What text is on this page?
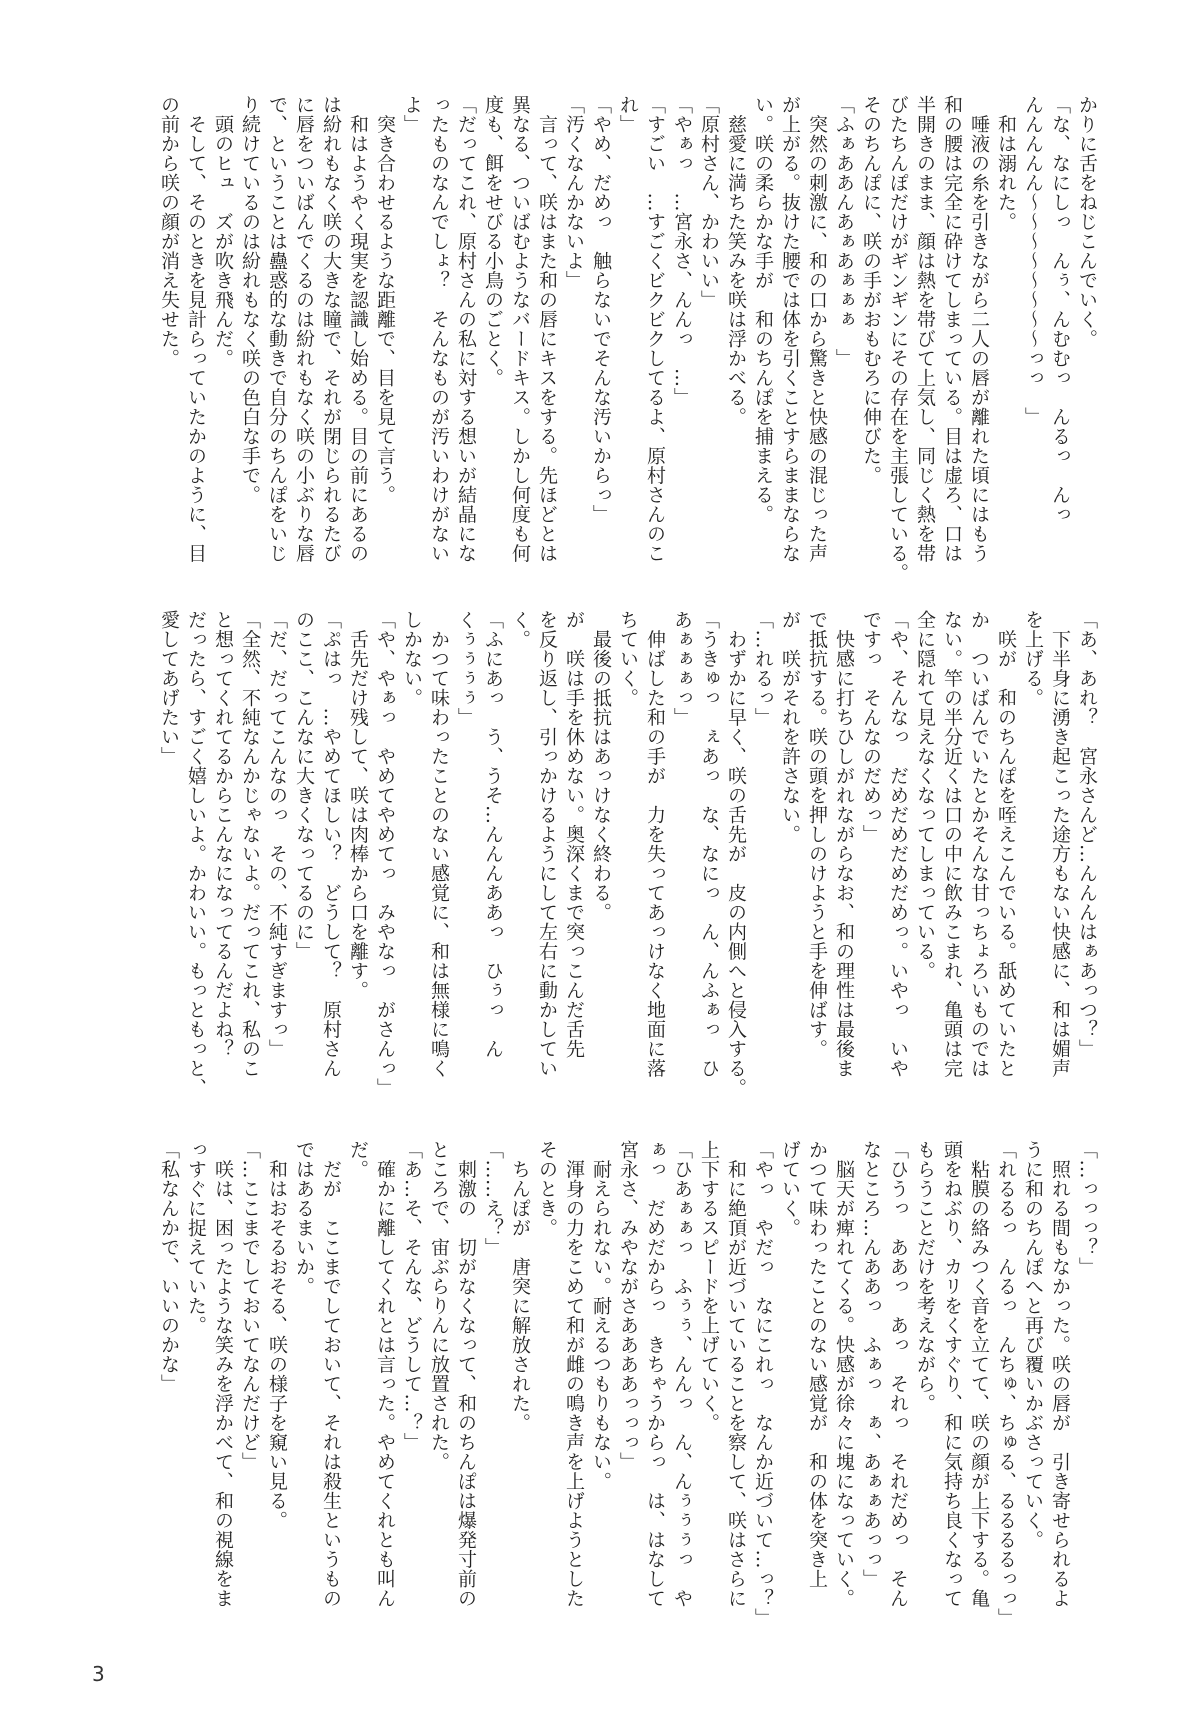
かりに舌をねじこんでいく。

「な、なにしっ　んぅ、んむむっ　んるっ　んっ

んんんんん～～～～～～～～っっ　」

　和は溺れた。

　唾液の糸を引きながら二人の唇が離れた頃にはもう

和の腰は完全に砕けてしまっている。目は虚ろ、口は

半開きのまま、顔は熱を帯びて上気し、同じく熱を帯

びたちんぽだけがギンギンにその存在を主張している。

そのちんぽに、咲の手がおもむろに伸びた。

「ふぁああんあぁあぁぁぁ　」

　突然の刺激に、和の口から驚きと快感の混じった声

が上がる。抜けた腰では体を引くことすらままならな

い。咲の柔らかな手が　和のちんぽを捕まえる。

　慈愛に満ちた笑みを咲は浮かべる。

「原村さん、かわいい」

「やぁっ　…宮永さ、んんっ　…」

「すごい　…すごくビクビクしてるよ、原村さんのこ

れ」

「やめ、だめっ　触らないでそんな汚いからっ」

「汚くなんかないよ」

　言って、咲はまた和の唇にキスをする。先ほどとは

異なる、ついばむようなバードキス。しかし何度も何

度も、餌をせびる小鳥のごとく。

「だってこれ、原村さんの私に対する想いが結晶にな

ったものなんでしょ？　そんなものが汚いわけがない

よ」

　突き合わせるような距離で、目を見て言う。

　和はようやく現実を認識し始める。目の前にあるの

は紛れもなく咲の大きな瞳で、それが閉じられるたび

に唇をついばんでくるのは紛れもなく咲の小ぶりな唇

で、ということは蠱惑的な動きで自分のちんぽをいじ

り続けているのは紛れもなく咲の色白な手で。

　頭のヒュ　ズが吹き飛んだ。

　そして、そのときを見計らっていたかのように、目

の前から咲の顔が消え失せた。

「あ、あれ？　宮永さんど…んんんはぁあっつ？」

　下半身に湧き起こった途方もない快感に、和は媚声

を上げる。

　咲が　和のちんぽを咥えこんでいる。舐めていたと

か　ついばんでいたとかそんな甘っちょろいものでは

ない。竿の半分近くは口の中に飲みこまれ、亀頭は完

全に隠れて見えなくなってしまっている。

「や、そんなっ　だめだめだめだめっ。いやっ　いや

ですっ　そんなのだめっ」

　快感に打ちひしがれながらなお、和の理性は最後ま

で抵抗する。咲の頭を押しのけようと手を伸ばす。

が　咲がそれを許さない。

「…れるっ」

　わずかに早く、咲の舌先が　皮の内側へと侵入する。

「うきゅっ　ぇあっ　な、なにっ　ん、んふぁっ　ひ

あぁぁぁっ」

　伸ばした和の手が　力を失ってあっけなく地面に落

ちていく。

　最後の抵抗はあっけなく終わる。

が　咲は手を休めない。奥深くまで突っこんだ舌先

を反り返し、引っかけるようにして左右に動かしてい

く。

「ふにあっ　う、うそ…んんんああっ　ひぅっ　ん

くぅぅぅぅ」

　かつて味わったことのない感覚に、和は無様に鳴く

しかない。

「や、やぁっ　やめてやめてっ　みやなっ　がさんっ」

　舌先だけ残して、咲は肉棒から口を離す。

「ぷはっ　…やめてほしい？　どうして？　原村さん

のここ、こんなに大きくなってるのに」

「だ、だってこんなのっ　その、不純すぎますっ」

「全然、不純なんかじゃないよ。だってこれ、私のこ

と想ってくれてるからこんなになってるんだよね？

だったら、すごく嬉しいよ。かわいい。もっともっと、

愛してあげたい」

「…っっっ？」

　照れる間もなかった。咲の唇が　引き寄せられるよ

うに和のちんぽへと再び覆いかぶさっていく。

「れるるっ　んるっ　んちゅ、ちゅる、るるるるっっ」

　粘膜の絡みつく音を立てて、咲の顔が上下する。亀

頭をねぶり、カリをくすぐり、和に気持ち良くなって

もらうことだけを考えながら。

「ひうっ　ああっ　あっ　それっ　それだめっ　そん

なところ…んああっ　ふぁっ　ぁ、あぁぁあっっ」

　脳天が痺れてくる。快感が徐々に塊になっていく。

かつて味わったことのない感覚が　和の体を突き上

げていく。

「やっ　やだっ　なにこれっ　なんか近づいて…っ？」

　和に絶頂が近づいていることを察して、咲はさらに

上下するスピードを上げていく。

「ひあぁぁっ　ふぅぅ、んんっ　ん、んぅぅぅっ　や

ぁっ　だめだからっ　きちゃうからっ　は、はなして

宮永さ、みやながさああああっっっ」

　耐えられない。耐えるつもりもない。

　渾身の力をこめて和が雌の鳴き声を上げようとした

そのとき。

　ちんぽが　唐突に解放された。

「……え？」

　刺激の　切がなくなって、和のちんぽは爆発寸前の

ところで、宙ぶらりんに放置された。

「あ…そ、そんな、どうして…？」

　確かに離してくれとは言った。やめてくれとも叫ん

だ。

　だが　ここまでしておいて、それは殺生というもの

ではあるまいか。

　和はおそるおそる、咲の様子を窺い見る。

「…ここまでしておいてなんだけど」

　咲は、困ったような笑みを浮かべて、和の視線をま

っすぐに捉えていた。

「私なんかで、いいのかな」

3
